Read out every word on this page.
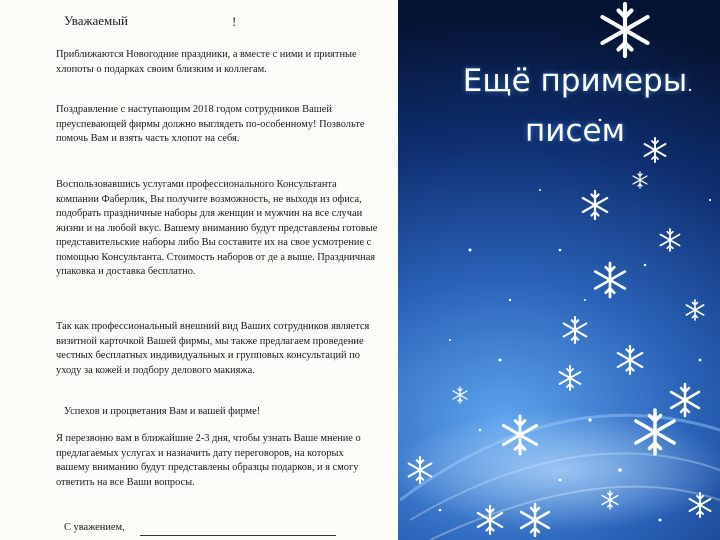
Ещё примеры
писем

Уважаемый	!

Приближаются Новогодние праздники, а вместе с ними и приятные хлопоты о подарках своим близким и коллегам.

Поздравление с наступающим 2018 годом сотрудников Вашей преуспевающей фирмы должно выглядеть по-особенному! Позвольте помочь Вам и взять часть хлопот на себя.

Воспользовавшись услугами профессионального Консультанта компании Фаберлик, Вы получите возможность, не выходя из офиса, подобрать праздничные наборы для женщин и мужчин на все случаи жизни и на любой вкус. Вашему вниманию будут представлены готовые представительские наборы либо Вы составите их на свое усмотрение с помощью Консультанта. Стоимость наборов от де а выше. Праздничная упаковка и доставка бесплатно.

Так как профессиональный внешний вид Ваших сотрудников является визитной карточкой Вашей фирмы, мы также предлагаем проведение честных бесплатных индивидуальных и групповых консультаций по уходу за кожей и подбору делового макияжа.

Успехов и процветания Вам и вашей фирме!

Я перезвоню вам в ближайшие 2-3 дня, чтобы узнать Ваше мнение о предлагаемых услугах и назначить дату переговоров, на которых вашему вниманию будут представлены образцы подарков, и я смогу ответить на все Ваши вопросы.

С уважением,
